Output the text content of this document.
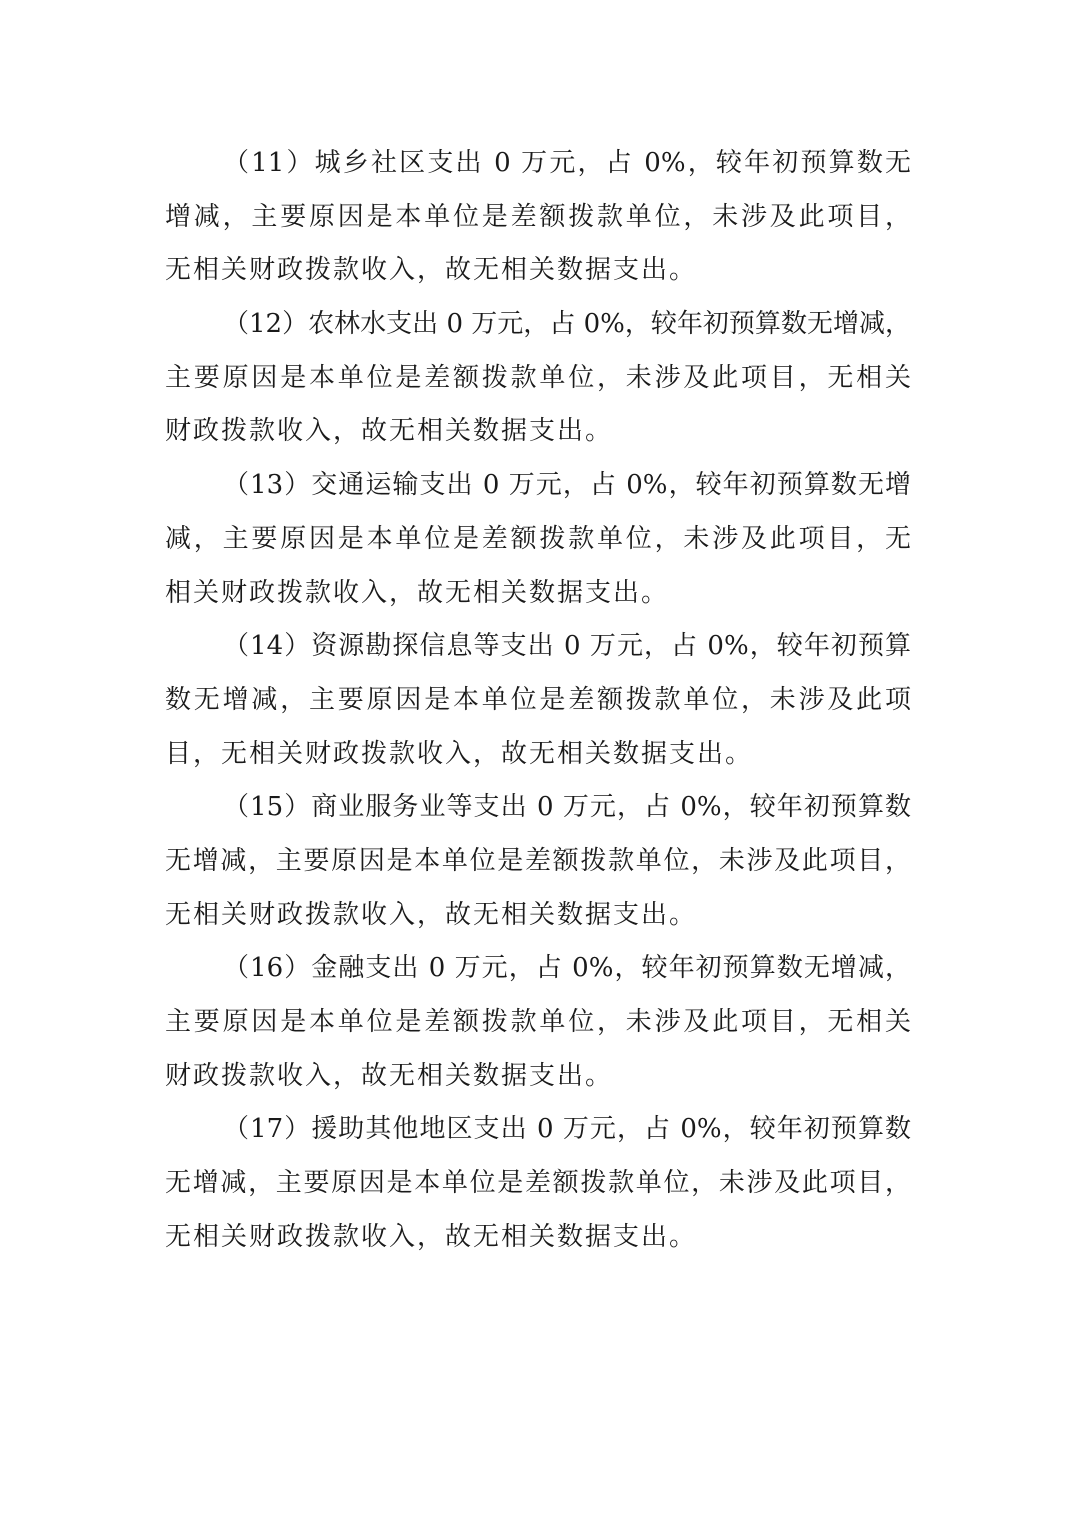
（11）城乡社区支出 0 万元，占 0%，较年初预算数无
增减，主要原因是本单位是差额拨款单位，未涉及此项目，
无相关财政拨款收入，故无相关数据支出。
（12）农林水支出 0 万元，占 0%，较年初预算数无增减，
主要原因是本单位是差额拨款单位，未涉及此项目，无相关
财政拨款收入，故无相关数据支出。
（13）交通运输支出 0 万元，占 0%，较年初预算数无增
减，主要原因是本单位是差额拨款单位，未涉及此项目，无
相关财政拨款收入，故无相关数据支出。
（14）资源勘探信息等支出 0 万元，占 0%，较年初预算
数无增减，主要原因是本单位是差额拨款单位，未涉及此项
目，无相关财政拨款收入，故无相关数据支出。
（15）商业服务业等支出 0 万元，占 0%，较年初预算数
无增减，主要原因是本单位是差额拨款单位，未涉及此项目，
无相关财政拨款收入，故无相关数据支出。
（16）金融支出 0 万元，占 0%，较年初预算数无增减，
主要原因是本单位是差额拨款单位，未涉及此项目，无相关
财政拨款收入，故无相关数据支出。
（17）援助其他地区支出 0 万元，占 0%，较年初预算数
无增减，主要原因是本单位是差额拨款单位，未涉及此项目，
无相关财政拨款收入，故无相关数据支出。
